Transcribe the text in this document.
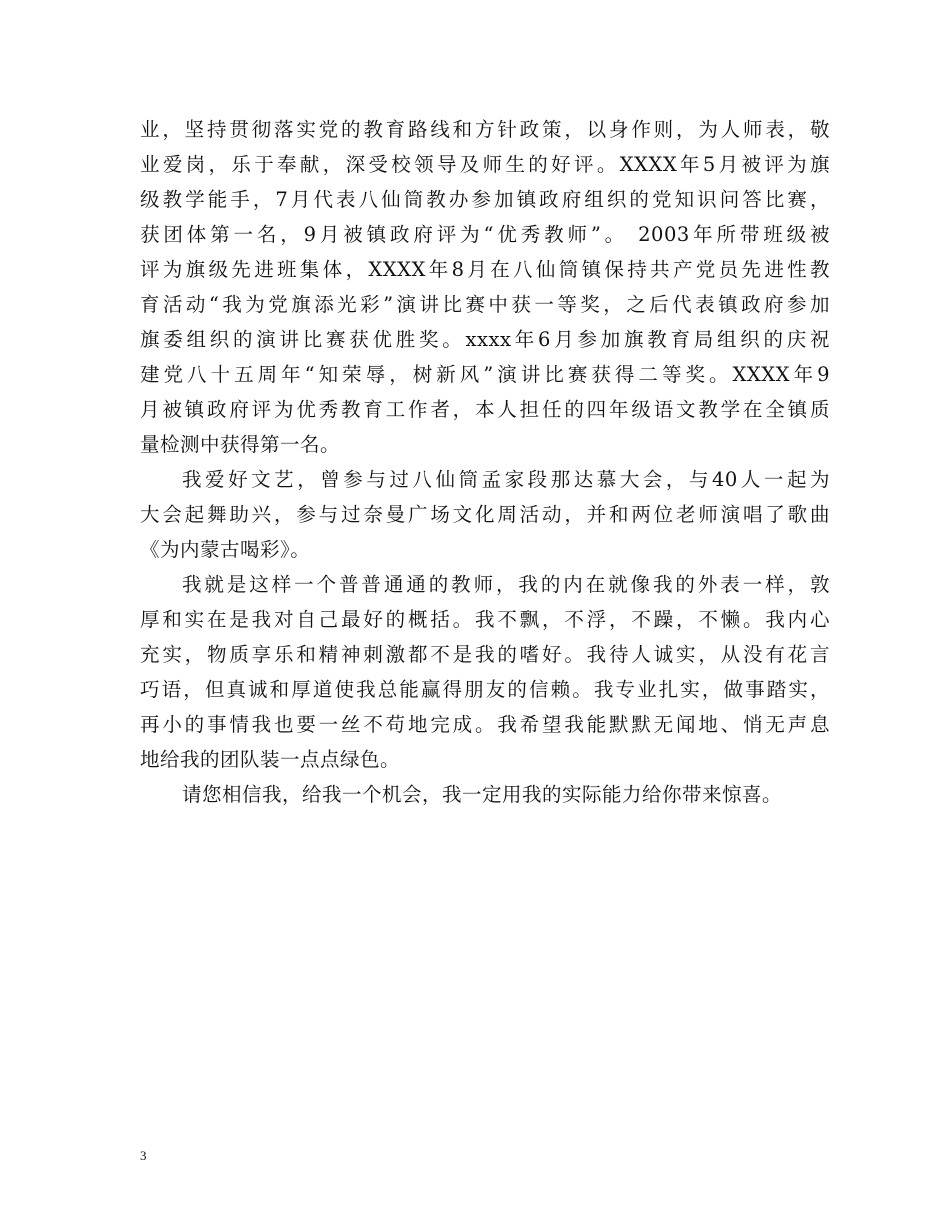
业，坚持贯彻落实党的教育路线和方针政策，以身作则，为人师表，敬
业爱岗，乐于奉献，深受校领导及师生的好评。XXXX年5月被评为旗
级教学能手，7月代表八仙筒教办参加镇政府组织的党知识问答比赛，
获团体第一名，9月被镇政府评为“优秀教师”。 2003年所带班级被
评为旗级先进班集体，XXXX年8月在八仙筒镇保持共产党员先进性教
育活动“我为党旗添光彩”演讲比赛中获一等奖，之后代表镇政府参加
旗委组织的演讲比赛获优胜奖。xxxx年6月参加旗教育局组织的庆祝
建党八十五周年“知荣辱，树新风”演讲比赛获得二等奖。XXXX年9
月被镇政府评为优秀教育工作者，本人担任的四年级语文教学在全镇质
量检测中获得第一名。
我爱好文艺，曾参与过八仙筒孟家段那达慕大会，与40人一起为
大会起舞助兴，参与过奈曼广场文化周活动，并和两位老师演唱了歌曲
《为内蒙古喝彩》。
我就是这样一个普普通通的教师，我的内在就像我的外表一样，敦
厚和实在是我对自己最好的概括。我不飘，不浮，不躁，不懒。我内心
充实，物质享乐和精神刺激都不是我的嗜好。我待人诚实，从没有花言
巧语，但真诚和厚道使我总能赢得朋友的信赖。我专业扎实，做事踏实，
再小的事情我也要一丝不苟地完成。我希望我能默默无闻地、悄无声息
地给我的团队装一点点绿色。
请您相信我，给我一个机会，我一定用我的实际能力给你带来惊喜。
3
